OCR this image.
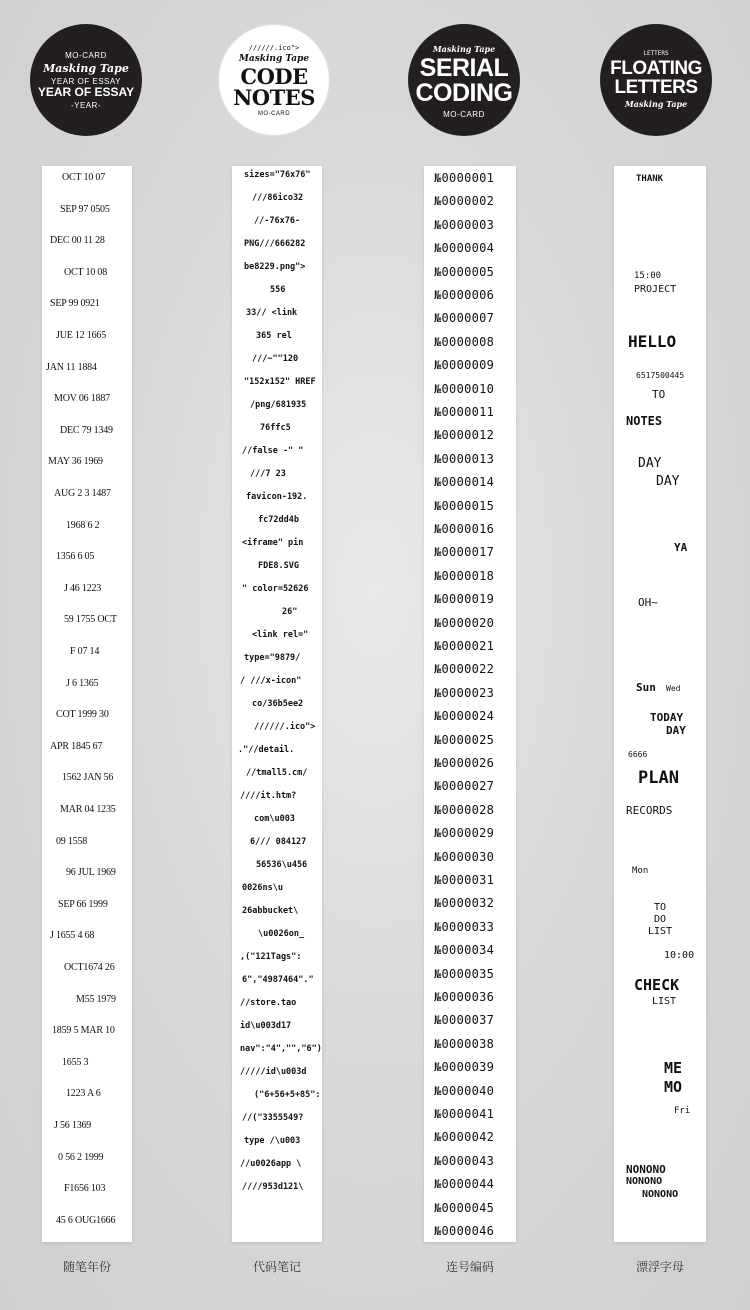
MO-CARD
Masking Tape
YEAR OF ESSAY
YEAR OF ESSAY
-YEAR-
//////.ico">
Masking Tape
CODE
NOTES
MO-CARD
Masking Tape
SERIAL
CODING
MO-CARD
LETTERS
FLOATING
LETTERS
Masking Tape
OCT 10 07
SEP 97 0505
DEC 00 11 28
OCT 10 08
SEP 99 0921
JUE 12 1665
JAN 11 1884
MOV 06 1887
DEC 79 1349
MAY 36 1969
AUG 2 3 1487
1968 6 2
1356 6 05
J 46 1223
59 1755 OCT
F 07 14
J 6 1365
COT 1999 30
APR 1845 67
1562 JAN 56
MAR 04 1235
09 1558
96 JUL 1969
SEP 66 1999
J 1655 4 68
OCT1674 26
M55 1979
1859 5 MAR 10
1655 3
1223 A 6
J 56 1369
0 56 2 1999
F1656 103
45 6 OUG1666
sizes="76x76"
///86ico32
//-76x76-
PNG///666282
be8229.png">
556
33// <link
365 rel
///~""120
"152x152" HREF
/png/681935
76ffc5
//false -" "
///7 23
favicon-192.
fc72dd4b
<iframe" pin
FDE8.SVG
" color=52626
26"
<link rel="
type="9879/
/ ///x-icon"
co/36b5ee2
//////.ico">
."//detail.
//tmall5.cm/
////it.htm?
com\u003
6/// 084127
56536\u456
0026ns\u
26abbucket\
\u0026on_
,("121Tags":
6","4987464"."
//store.tao
id\u003d17
nav":"4","","6")
/////id\u003d
("6+56+5+85":
//("3355549?
type /\u003
//u0026app \
////953d121\
№0000001
№0000002
№0000003
№0000004
№0000005
№0000006
№0000007
№0000008
№0000009
№0000010
№0000011
№0000012
№0000013
№0000014
№0000015
№0000016
№0000017
№0000018
№0000019
№0000020
№0000021
№0000022
№0000023
№0000024
№0000025
№0000026
№0000027
№0000028
№0000029
№0000030
№0000031
№0000032
№0000033
№0000034
№0000035
№0000036
№0000037
№0000038
№0000039
№0000040
№0000041
№0000042
№0000043
№0000044
№0000045
№0000046
THANK
15:00
PROJECT
HELLO
6517500445
TO
NOTES
DAY
DAY
YA
OH~
Sun Wed
TODAY
DAY
6666
PLAN
RECORDS
Mon
TO
DO
LIST
10:00
CHECK
LIST
ME
MO
Fri
NONONO
NONONO
NONONO
随笔年份	代码笔记	连号编码	漂浮字母
